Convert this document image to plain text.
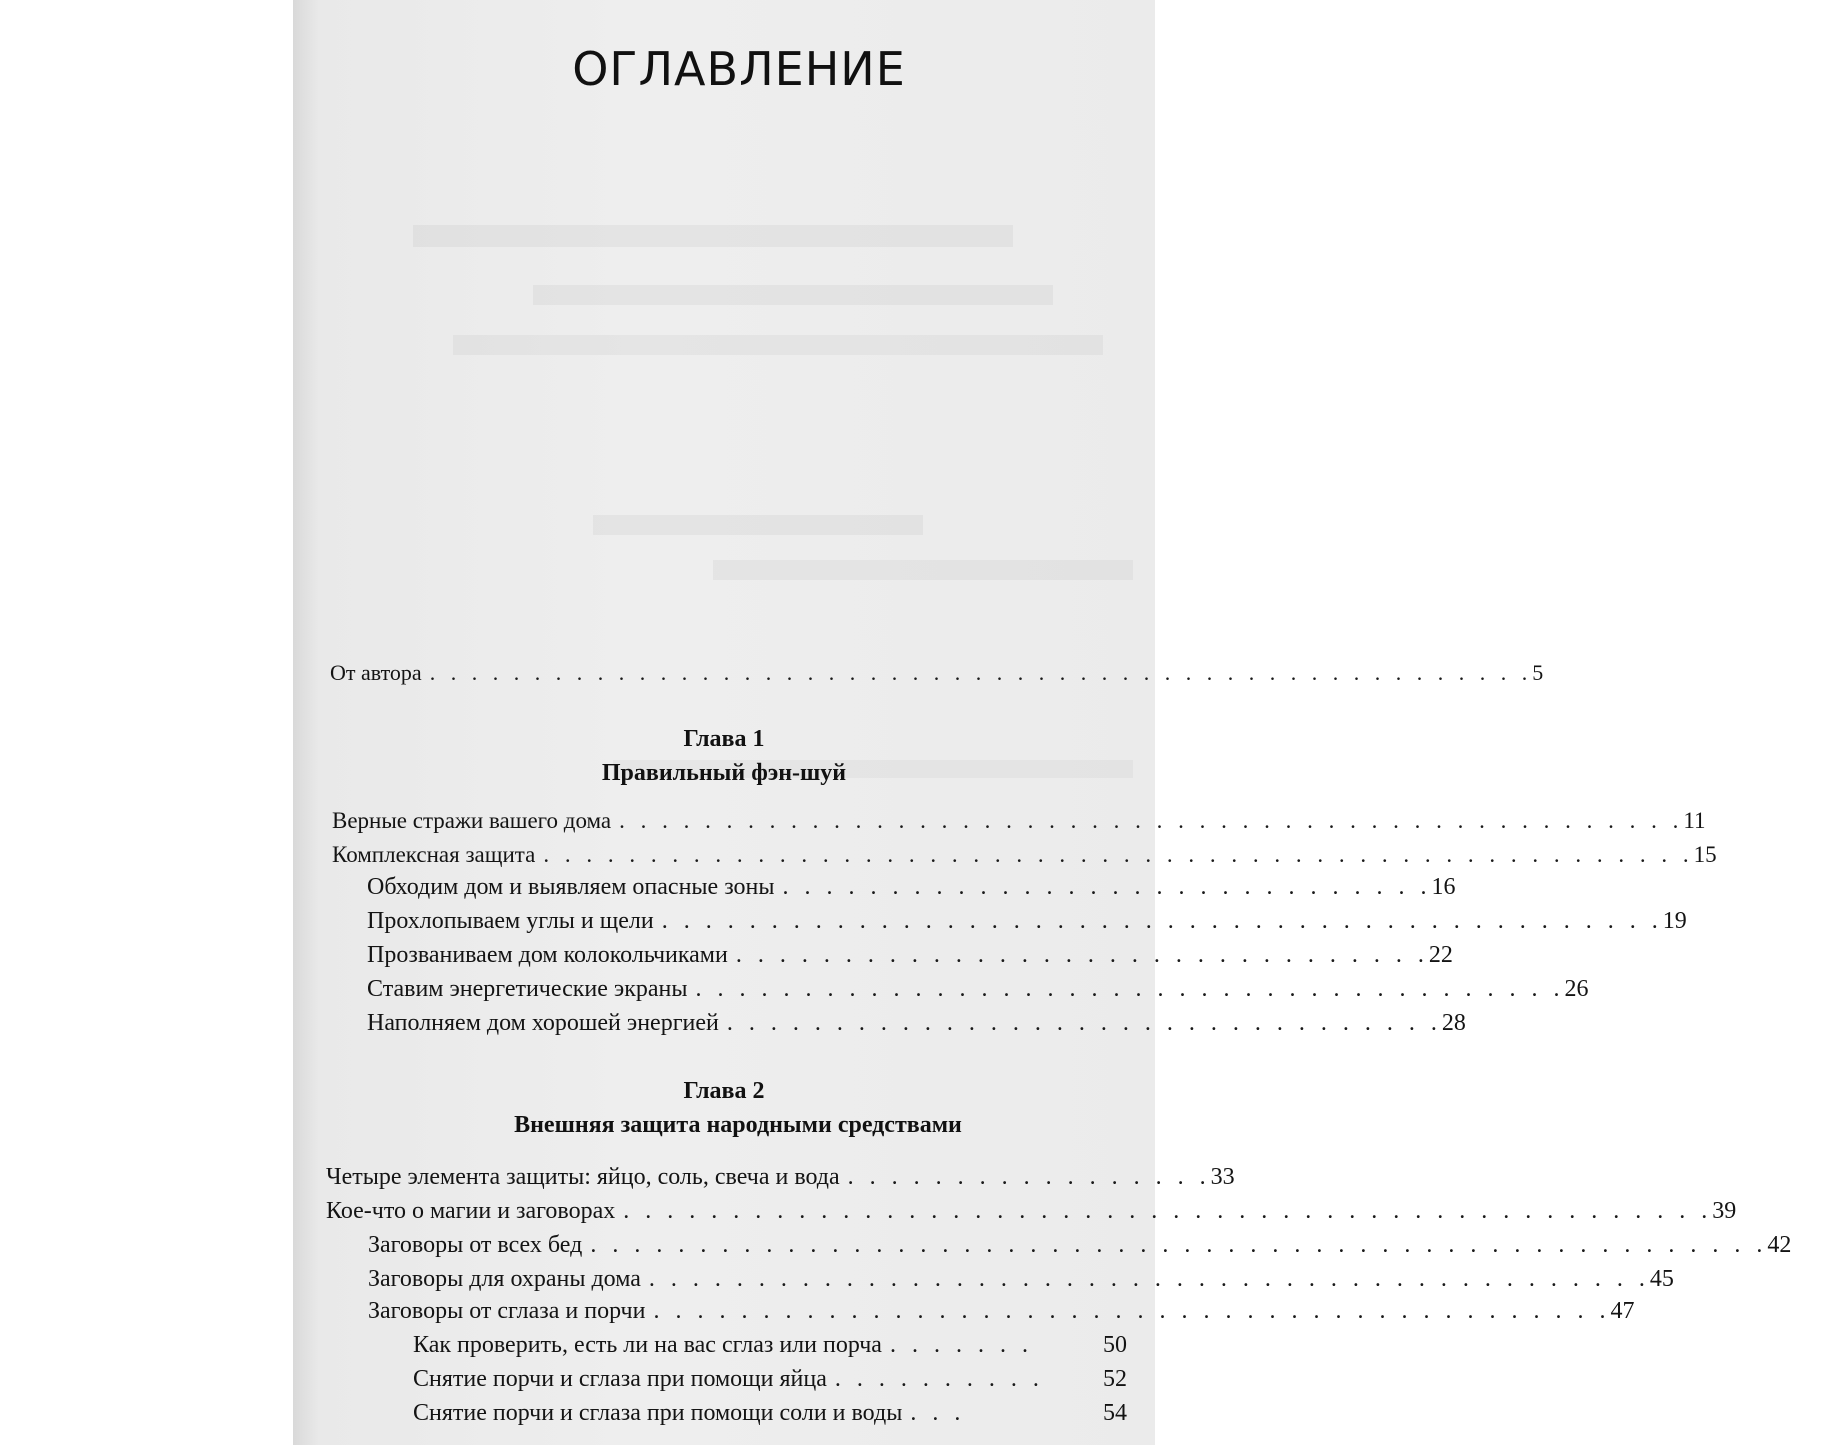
ОГЛАВЛЕНИЕ
От автора . . . . . . . . . . . . . . . . . . . . . . . . . . . . . . . . . . . . . . . . . . . . . . . . . . . . . 5
Глава 1
Правильный фэн-шуй
Верные стражи вашего дома . . . . . . . . . . . . . . . . . . . . . . . . . . . . . . . . . . . . . . . . . . . . . . . . . . 11
Комплексная защита . . . . . . . . . . . . . . . . . . . . . . . . . . . . . . . . . . . . . . . . . . . . . . . . . . . . . . 15
Обходим дом и выявляем опасные зоны . . . . . . . . . . . . . . . . . . . . . . . . . . . . . . 16
Прохлопываем углы и щели . . . . . . . . . . . . . . . . . . . . . . . . . . . . . . . . . . . . . . . . . . . . . . 19
Прозваниваем дом колокольчиками . . . . . . . . . . . . . . . . . . . . . . . . . . . . . . . . 22
Ставим энергетические экраны . . . . . . . . . . . . . . . . . . . . . . . . . . . . . . . . . . . . . . . . 26
Наполняем дом хорошей энергией . . . . . . . . . . . . . . . . . . . . . . . . . . . . . . . . . 28
Глава 2
Внешняя защита народными средствами
Четыре элемента защиты: яйцо, соль, свеча и вода . . . . . . . . . . . . . . . . . 33
Кое-что о магии и заговорах . . . . . . . . . . . . . . . . . . . . . . . . . . . . . . . . . . . . . . . . . . . . . . . . . . 39
Заговоры от всех бед . . . . . . . . . . . . . . . . . . . . . . . . . . . . . . . . . . . . . . . . . . . . . . . . . . . . . . 42
Заговоры для охраны дома . . . . . . . . . . . . . . . . . . . . . . . . . . . . . . . . . . . . . . . . . . . . . . 45
Заговоры от сглаза и порчи . . . . . . . . . . . . . . . . . . . . . . . . . . . . . . . . . . . . . . . . . . . . 47
Как проверить, есть ли на вас сглаз или порча . . . . . . .	50
Снятие порчи и сглаза при помощи яйца . . . . . . . . . .	52
Снятие порчи и сглаза при помощи соли и воды . . .	54
